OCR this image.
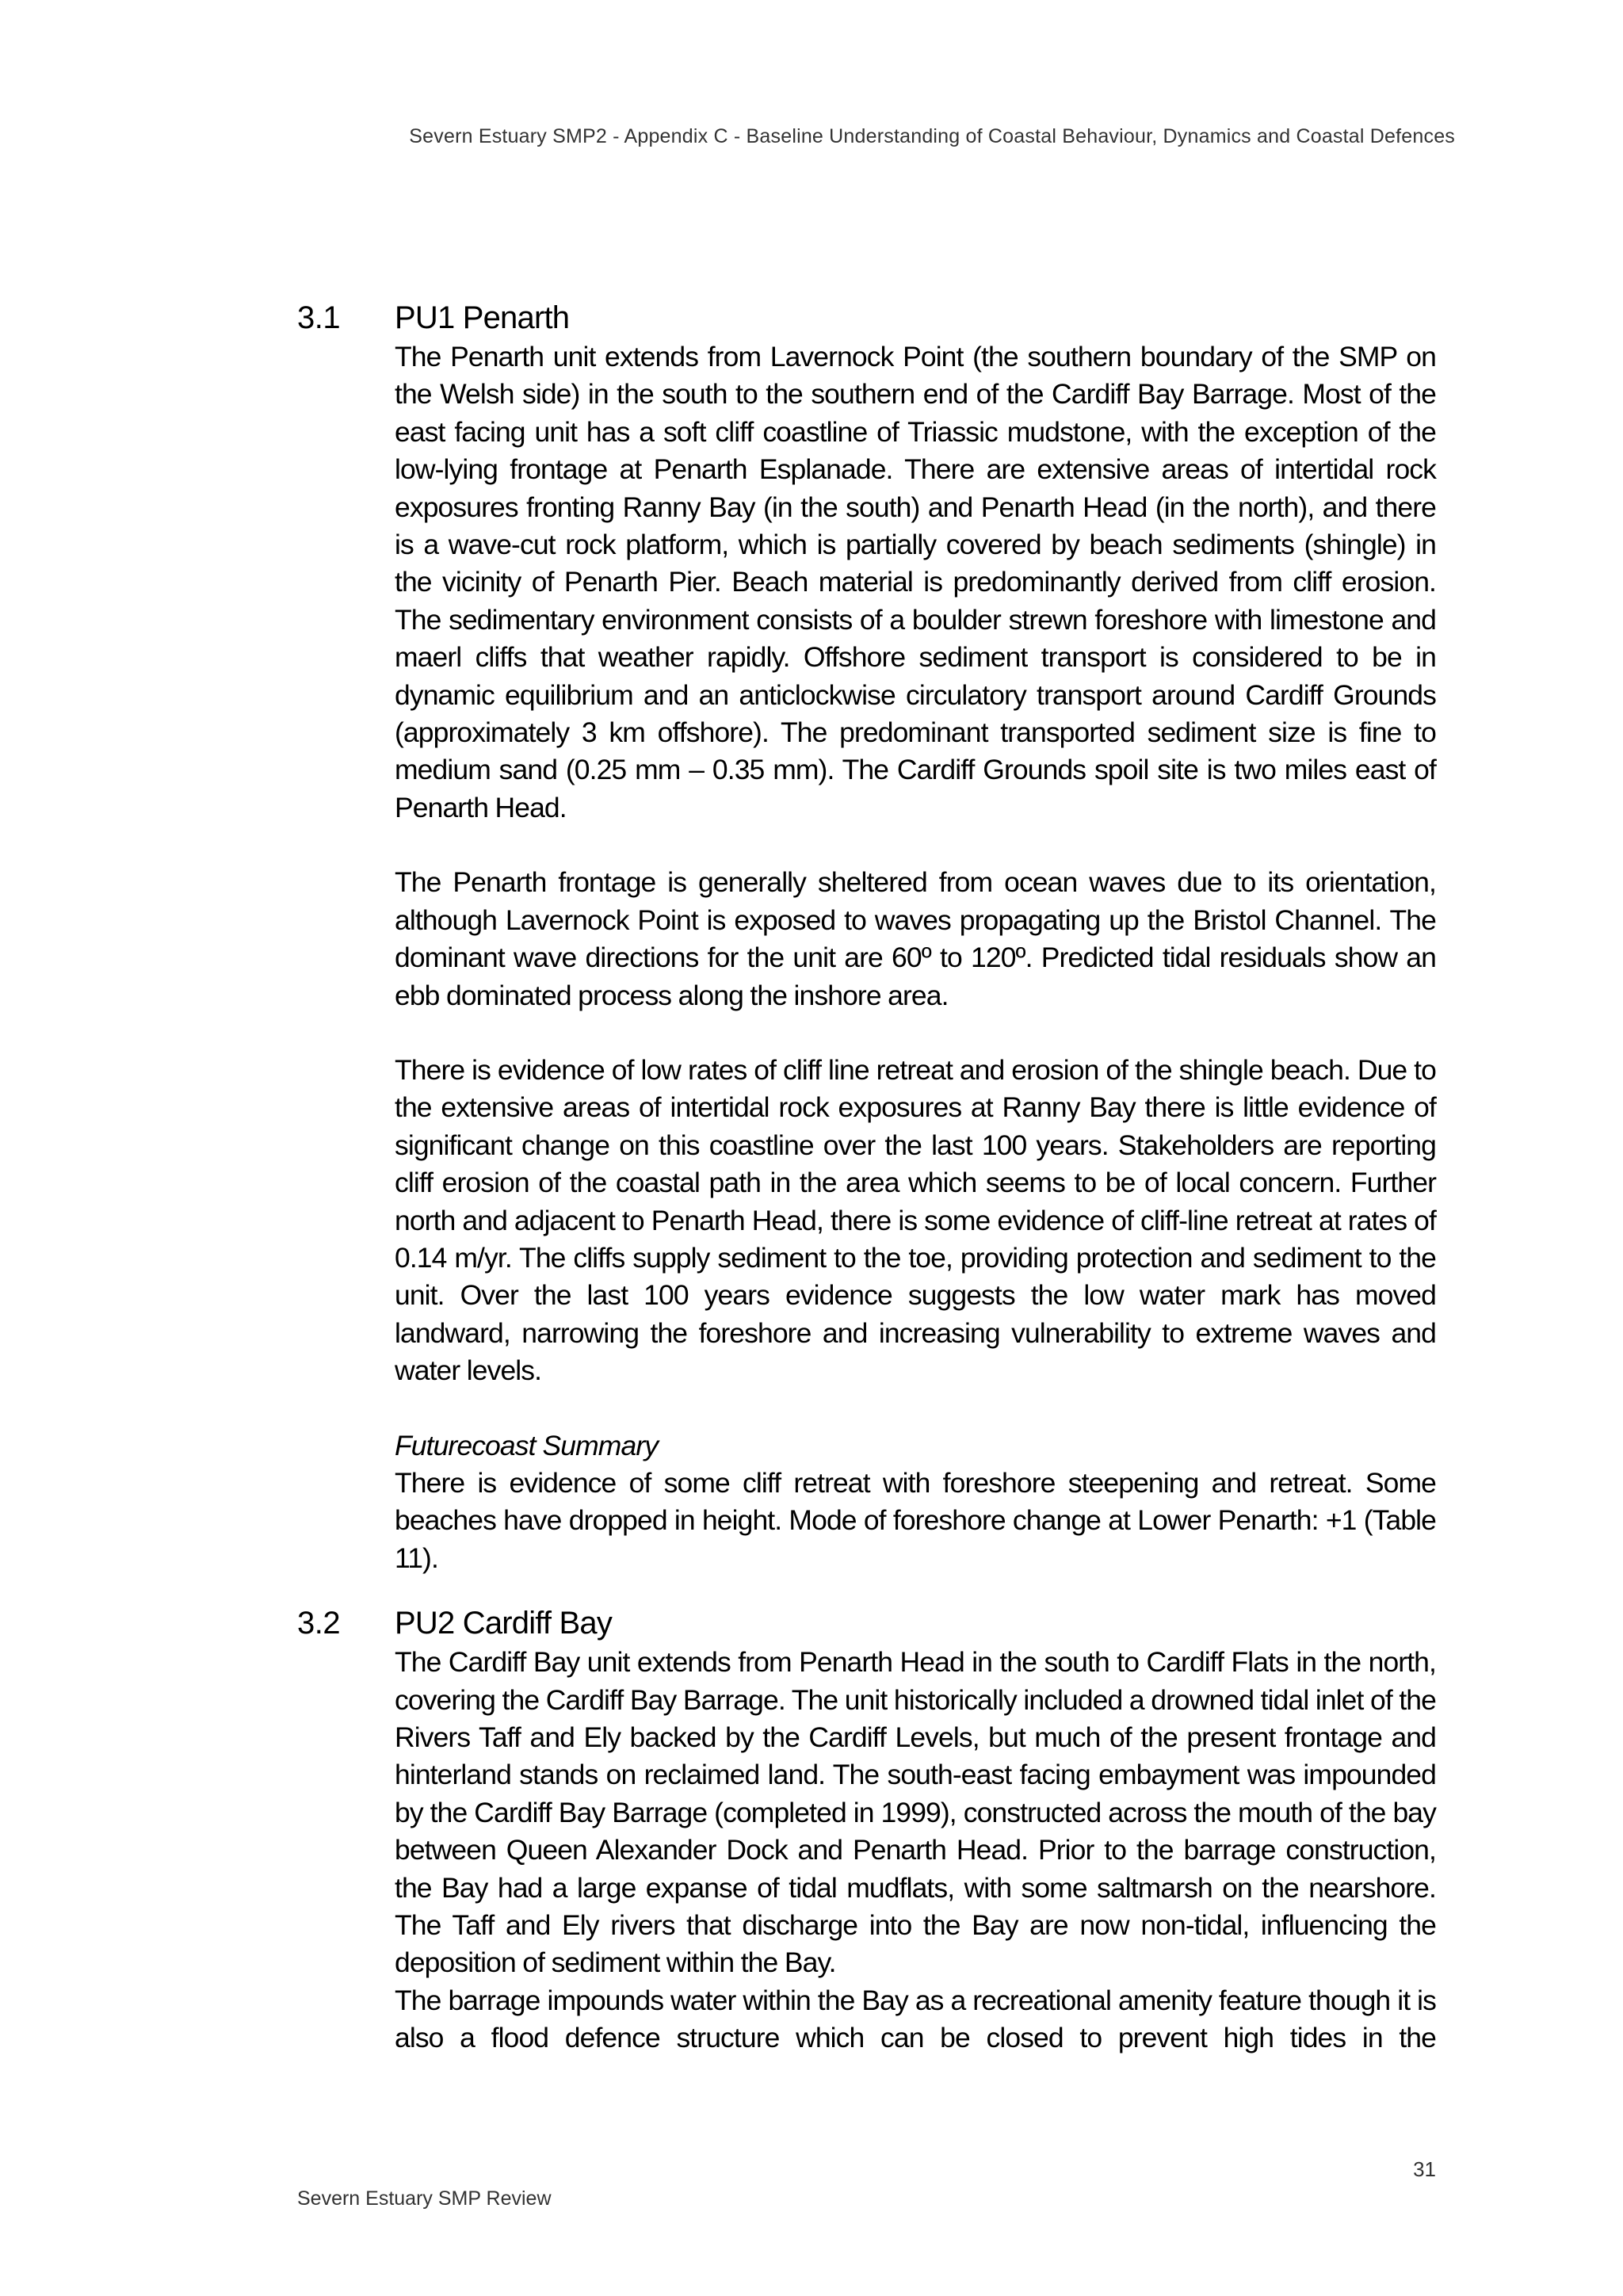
Severn Estuary SMP2 - Appendix C - Baseline Understanding of Coastal Behaviour, Dynamics and Coastal Defences
3.1 PU1 Penarth

The Penarth unit extends from Lavernock Point (the southern boundary of the SMP on the Welsh side) in the south to the southern end of the Cardiff Bay Barrage. Most of the east facing unit has a soft cliff coastline of Triassic mudstone, with the exception of the low-lying frontage at Penarth Esplanade. There are extensive areas of intertidal rock exposures fronting Ranny Bay (in the south) and Penarth Head (in the north), and there is a wave-cut rock platform, which is partially covered by beach sediments (shingle) in the vicinity of Penarth Pier. Beach material is predominantly derived from cliff erosion. The sedimentary environment consists of a boulder strewn foreshore with limestone and maerl cliffs that weather rapidly. Offshore sediment transport is considered to be in dynamic equilibrium and an anticlockwise circulatory transport around Cardiff Grounds (approximately 3 km offshore). The predominant transported sediment size is fine to medium sand (0.25 mm – 0.35 mm). The Cardiff Grounds spoil site is two miles east of Penarth Head.

The Penarth frontage is generally sheltered from ocean waves due to its orientation, although Lavernock Point is exposed to waves propagating up the Bristol Channel. The dominant wave directions for the unit are 60º to 120º. Predicted tidal residuals show an ebb dominated process along the inshore area.

There is evidence of low rates of cliff line retreat and erosion of the shingle beach. Due to the extensive areas of intertidal rock exposures at Ranny Bay there is little evidence of significant change on this coastline over the last 100 years. Stakeholders are reporting cliff erosion of the coastal path in the area which seems to be of local concern. Further north and adjacent to Penarth Head, there is some evidence of cliff-line retreat at rates of 0.14 m/yr. The cliffs supply sediment to the toe, providing protection and sediment to the unit. Over the last 100 years evidence suggests the low water mark has moved landward, narrowing the foreshore and increasing vulnerability to extreme waves and water levels.

Futurecoast Summary

There is evidence of some cliff retreat with foreshore steepening and retreat. Some beaches have dropped in height. Mode of foreshore change at Lower Penarth: +1 (Table 11).

3.2 PU2 Cardiff Bay

The Cardiff Bay unit extends from Penarth Head in the south to Cardiff Flats in the north, covering the Cardiff Bay Barrage. The unit historically included a drowned tidal inlet of the Rivers Taff and Ely backed by the Cardiff Levels, but much of the present frontage and hinterland stands on reclaimed land. The south-east facing embayment was impounded by the Cardiff Bay Barrage (completed in 1999), constructed across the mouth of the bay between Queen Alexander Dock and Penarth Head. Prior to the barrage construction, the Bay had a large expanse of tidal mudflats, with some saltmarsh on the nearshore. The Taff and Ely rivers that discharge into the Bay are now non-tidal, influencing the deposition of sediment within the Bay.

The barrage impounds water within the Bay as a recreational amenity feature though it is also a flood defence structure which can be closed to prevent high tides in the

31
Severn Estuary SMP Review
